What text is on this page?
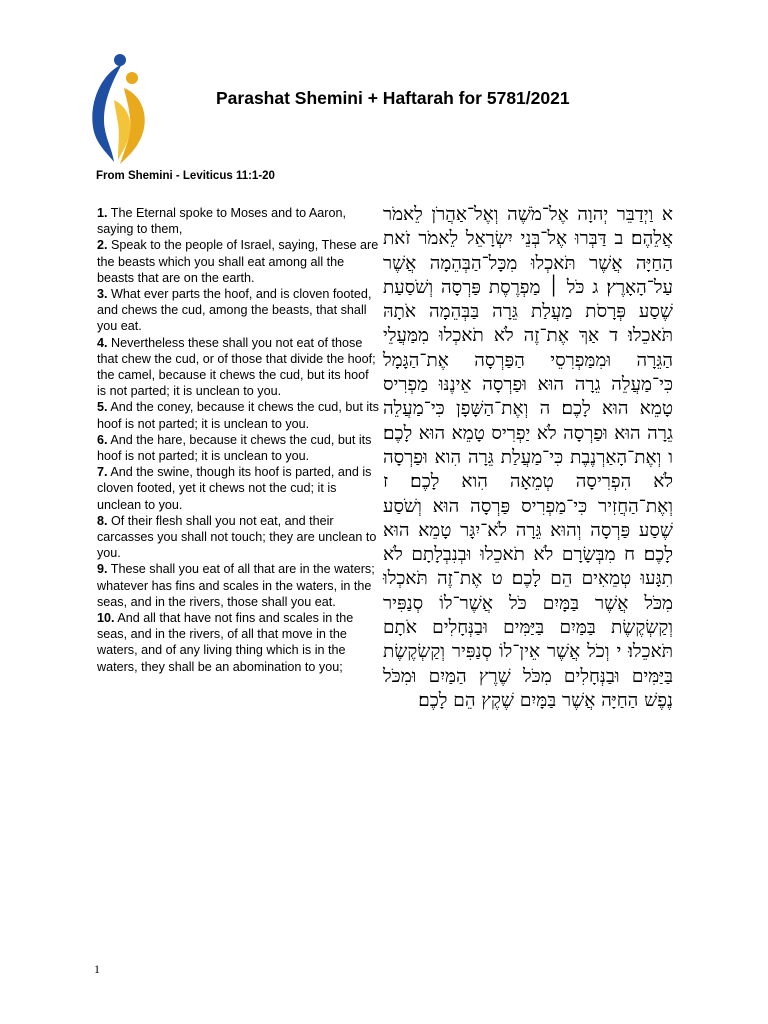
Parashat Shemini + Haftarah for 5781/2021
From Shemini - Leviticus 11:1-20

1. The Eternal spoke to Moses and to Aaron, saying to them,

2. Speak to the people of Israel, saying, These are the beasts which you shall eat among all the beasts that are on the earth.

3. What ever parts the hoof, and is cloven footed, and chews the cud, among the beasts, that shall you eat.

4. Nevertheless these shall you not eat of those that chew the cud, or of those that divide the hoof; the camel, because it chews the cud, but its hoof is not parted; it is unclean to you.

5. And the coney, because it chews the cud, but its hoof is not parted; it is unclean to you.

6. And the hare, because it chews the cud, but its hoof is not parted; it is unclean to you.

7. And the swine, though its hoof is parted, and is cloven footed, yet it chews not the cud; it is unclean to you.

8. Of their flesh shall you not eat, and their carcasses you shall not touch; they are unclean to you.

9. These shall you eat of all that are in the waters; whatever has fins and scales in the waters, in the seas, and in the rivers, those shall you eat.

10. And all that have not fins and scales in the seas, and in the rivers, of all that move in the waters, and of any living thing which is in the waters, they shall be an abomination to you;

א וַיְדַבֵּר יְהוָה אֶל־מֹשֶׁה וְאֶל־אַהֲרֹן לֵאמֹר אֲלֵהֶם׃ ב דַּבְּרוּ אֶל־בְּנֵי יִשְׂרָאֵל לֵאמֹר זֹאת הַחַיָּה אֲשֶׁר תֹּאכְלוּ מִכָּל־הַבְּהֵמָה אֲשֶׁר עַל־הָאָרֶץ׃ ג כֹּל ׀ מַפְרֶסֶת פַּרְסָה וְשֹׁסַעַת שֶׁסַע פְּרָסֹת מַעֲלַת גֵּרָה בַּבְּהֵמָה אֹתָהּ תֹּאכֵלוּ׃ ד אַךְ אֶת־זֶה לֹא תֹאכְלוּ מִמַּעֲלֵי הַגֵּרָה וּמִמַּפְרִסֵי הַפַּרְסָה אֶת־הַגָּמָל כִּי־מַעֲלֵה גֵרָה הוּא וּפַרְסָה אֵינֶנּוּ מַפְרִיס טָמֵא הוּא לָכֶם׃ ה וְאֶת־הַשָּׁפָן כִּי־מַעֲלֵה גֵרָה הוּא וּפַרְסָה לֹא יַפְרִיס טָמֵא הוּא לָכֶם׃ ו וְאֶת־הָאַרְנֶבֶת כִּי־מַעֲלַת גֵּרָה הִוא וּפַרְסָה לֹא הִפְרִיסָה טְמֵאָה הִוא לָכֶם׃ ז וְאֶת־הַחֲזִיר כִּי־מַפְרִיס פַּרְסָה הוּא וְשֹׁסַע שֶׁסַע פַּרְסָה וְהוּא גֵּרָה לֹא־יִגָּר טָמֵא הוּא לָכֶם׃ ח מִבְּשָׂרָם לֹא תֹאכֵלוּ וּבְנִבְלָתָם לֹא תִגָּעוּ טְמֵאִים הֵם לָכֶם׃ ט אֶת־זֶה תֹּאכְלוּ מִכֹּל אֲשֶׁר בַּמָּיִם כֹּל אֲשֶׁר־לוֹ סְנַפִּיר וְקַשְׂקֶשֶׂת בַּמַּיִם בַּיַּמִּים וּבַנְּחָלִים אֹתָם תֹּאכֵלוּ׃ י וְכֹל אֲשֶׁר אֵין־לוֹ סְנַפִּיר וְקַשְׂקֶשֶׂת בַּיַּמִּים וּבַנְּחָלִים מִכֹּל שֶׁרֶץ הַמַּיִם וּמִכֹּל נֶפֶשׁ הַחַיָּה אֲשֶׁר בַּמָּיִם שֶׁקֶץ הֵם לָכֶם׃
1
